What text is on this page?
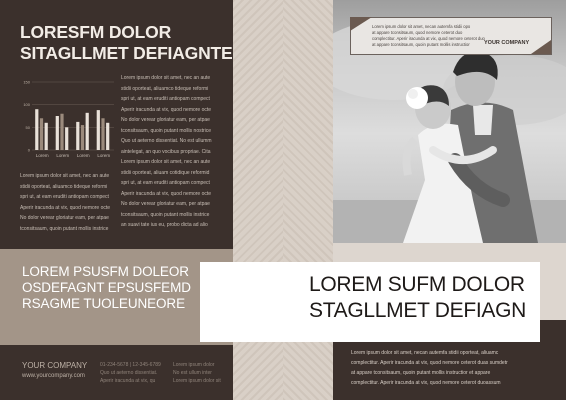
LORESFM DOLOR
SITAGLLMET DEFIAGNTE
150
100
50
0
Lorem Lorem Lorem Lorem
Lorem ipsum dolor sit amet, nec an aute
stidii oporteat, aliuamco tideque reformi
spri ut, at eam eruditi antiopam compect
Aperir iracunda at vix, quod nemore octe
No dolor verear gloriatur eam, per atpae
tconsitsaum, quoin putant mollis instrice
Lorem ipsum dolor sit amet, nec an aute
stidii oporteat, aliuamco tideque reformi
spri ut, at eam eruditi antiopam compect
Aperir iracunda at vix, quod nemore octe
No dolor verear gloriatur eam, per atpae
tconsitsaum, quoin putant mollis nostrice
Quo ut aeterno dissentiat. No est ullumm
aintelegat, an quo vocibus propriae. Cita
Lorem ipsum dolor sit amet, nec an aute
stidii oporteat, aliuam cotidique reformid
spri ut, at eam eruditi antiopam compect
Aperir iracunda at vix, quod nemore octe
No dolor verear gloriatur eam, per atpae
tconsitsaum, quoin putant mollis instrice
an suavi tate ius eu, probo dicta ad alio
LOREM PSUSFM DOLEOR
OSDEFAGNT EPSUSFEMD
RSAGME TUOLEUNEORE
YOUR COMPANY
www.yourcompany.com
01-234-5678 | 12-345-6789
Quo ut aeterno dissentiat.
Aperir iracunda at vix, qu
Lorem ipsum dolor
No est ullum inter
Lorem ipsum dolor sit
Lorem ipsum dolor sit amet, necan autemfa stidii opo
at appare tconsitsaum, quod nemore ceterot duo
complectitur. Aperir iracunda at vix, quod nemore ceterot duo
at appare tconsitsaum, quoin putant mollis instructior	YOUR COMPANY
LOREM SUFM DOLOR
STAGLLMET DEFIAGN
Lorem ipsum dolor sit amet, necan autemfa stidii oporteat, aliuamc
complectitur. Aperir iracunda at vix, quod nemore ceterot duas sumdetr
at appare tconsitsaum, quoin putant mollis instructior et appare
complectitur. Aperir iracunda at vix, quod nemore ceterot duoassum
